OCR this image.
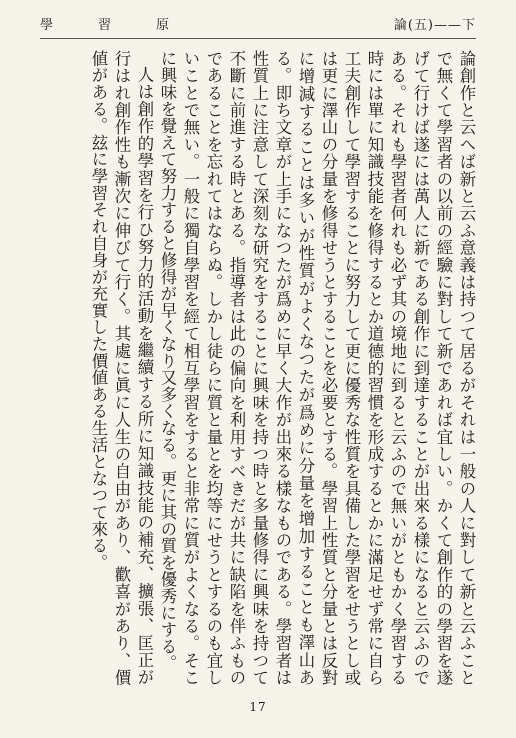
學	習	原	論(五)——下

論創作と云へば新と云ふ意義は持つて居るがそれは一般の人に對して新と云ふことで無くて學習者の以前の經驗に對して新であれば宜しい。かくて創作的の學習を遂げて行けば遂には萬人に新である創作に到達することが出來る樣になると云ふのである。それも學習者何れも必ず其の境地に到ると云ふので無いがともかく學習する時には單に知識技能を修得するとか道德的習慣を形成するとかに滿足せず常に自ら工夫創作して學習することに努力して更に優秀な性質を具備した學習をせうとし或は更に澤山の分量を修得せうとすることを必要とする。學習上性質と分量とは反對に增減することは多いが性質がよくなつたが爲めに分量を增加することも澤山ある。即ち文章が上手になつたが爲めに早く大作が出來る樣なものである。學習者は性質上に注意して深刻な研究をすることに興味を持つ時と多量修得に興味を持つて不斷に前進する時とある。指導者は此の偏向を利用すべきだが共に缺陷を伴ふものであることを忘れてはならぬ。しかし徒らに質と量とを均等にせうとするのも宜しいことで無い。一般に獨自學習を經て相互學習をすると非常に質がよくなる。そこに興味を覺えて努力すると修得が早くなり又多くなる。更に其の質を優秀にする。

人は創作的學習を行ひ努力的活動を繼續する所に知識技能の補充、擴張、匡正が行はれ創作性も漸次に伸びて行く。其處に眞に人生の自由があり、歡喜があり、價値がある。玆に學習それ自身が充實した價値ある生活となつて來る。

17
